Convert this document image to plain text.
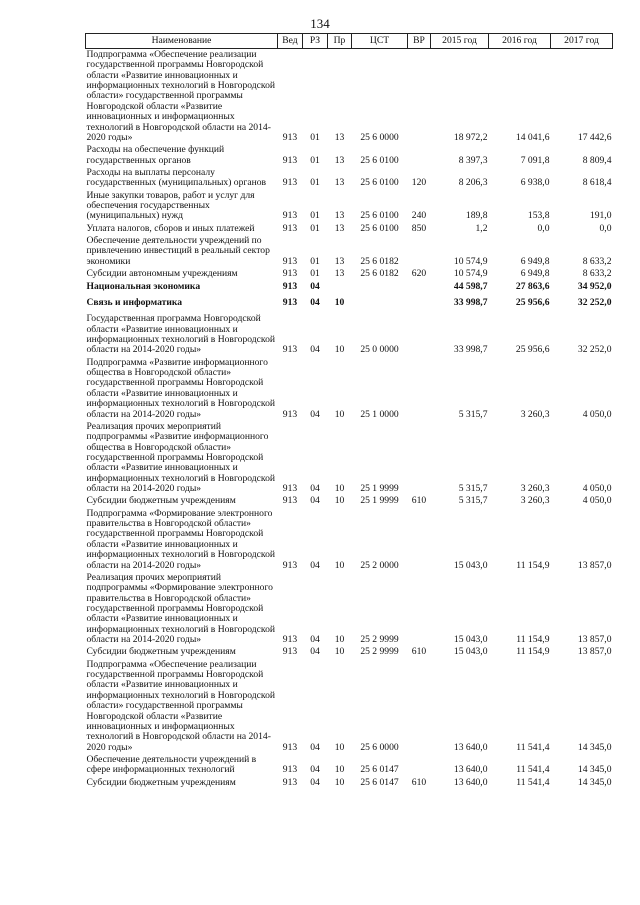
134
Наименование	Вед	РЗ	Пр	ЦСТ	ВР	2015 год	2016 год	2017 год
Подпрограмма «Обеспечение реализации государственной программы Новгородской области «Развитие инновационных и информационных технологий в Новгородской области» государственной программы Новгородской области «Развитие инновационных и информационных технологий в Новгородской области на 2014-2020 годы»	913	01	13	25 6 0000		18 972,2	14 041,6	17 442,6
Расходы на обеспечение функций государственных органов	913	01	13	25 6 0100		8 397,3	7 091,8	8 809,4
Расходы на выплаты персоналу государственных (муниципальных) органов	913	01	13	25 6 0100	120	8 206,3	6 938,0	8 618,4
Иные закупки товаров, работ и услуг для обеспечения государственных (муниципальных) нужд	913	01	13	25 6 0100	240	189,8	153,8	191,0
Уплата налогов, сборов и иных платежей	913	01	13	25 6 0100	850	1,2	0,0	0,0
Обеспечение деятельности учреждений по привлечению инвестиций в реальный сектор экономики	913	01	13	25 6 0182		10 574,9	6 949,8	8 633,2
Субсидии автономным учреждениям	913	01	13	25 6 0182	620	10 574,9	6 949,8	8 633,2
Национальная экономика	913	04				44 598,7	27 863,6	34 952,0

Связь и информатика	913	04	10			33 998,7	25 956,6	32 252,0

Государственная программа Новгородской области «Развитие инновационных и информационных технологий в Новгородской области на 2014-2020 годы»	913	04	10	25 0 0000		33 998,7	25 956,6	32 252,0
Подпрограмма «Развитие информационного общества в Новгородской области» государственной программы Новгородской области «Развитие инновационных и информационных технологий в Новгородской области на 2014-2020 годы»	913	04	10	25 1 0000		5 315,7	3 260,3	4 050,0
Реализация прочих мероприятий подпрограммы «Развитие информационного общества в Новгородской области» государственной программы Новгородской области «Развитие инновационных и информационных технологий в Новгородской области на 2014-2020 годы»	913	04	10	25 1 9999		5 315,7	3 260,3	4 050,0
Субсидии бюджетным учреждениям	913	04	10	25 1 9999	610	5 315,7	3 260,3	4 050,0
Подпрограмма «Формирование электронного правительства в Новгородской области» государственной программы Новгородской области «Развитие инновационных и информационных технологий в Новгородской области на 2014-2020 годы»	913	04	10	25 2 0000		15 043,0	11 154,9	13 857,0
Реализация прочих мероприятий подпрограммы «Формирование электронного правительства в Новгородской области» государственной программы Новгородской области «Развитие инновационных и информационных технологий в Новгородской области на 2014-2020 годы»	913	04	10	25 2 9999		15 043,0	11 154,9	13 857,0
Субсидии бюджетным учреждениям	913	04	10	25 2 9999	610	15 043,0	11 154,9	13 857,0
Подпрограмма «Обеспечение реализации государственной программы Новгородской области «Развитие инновационных и информационных технологий в Новгородской области» государственной программы Новгородской области «Развитие инновационных и информационных технологий в Новгородской области на 2014-2020 годы»	913	04	10	25 6 0000		13 640,0	11 541,4	14 345,0
Обеспечение деятельности учреждений в сфере информационных технологий	913	04	10	25 6 0147		13 640,0	11 541,4	14 345,0
Субсидии бюджетным учреждениям	913	04	10	25 6 0147	610	13 640,0	11 541,4	14 345,0
